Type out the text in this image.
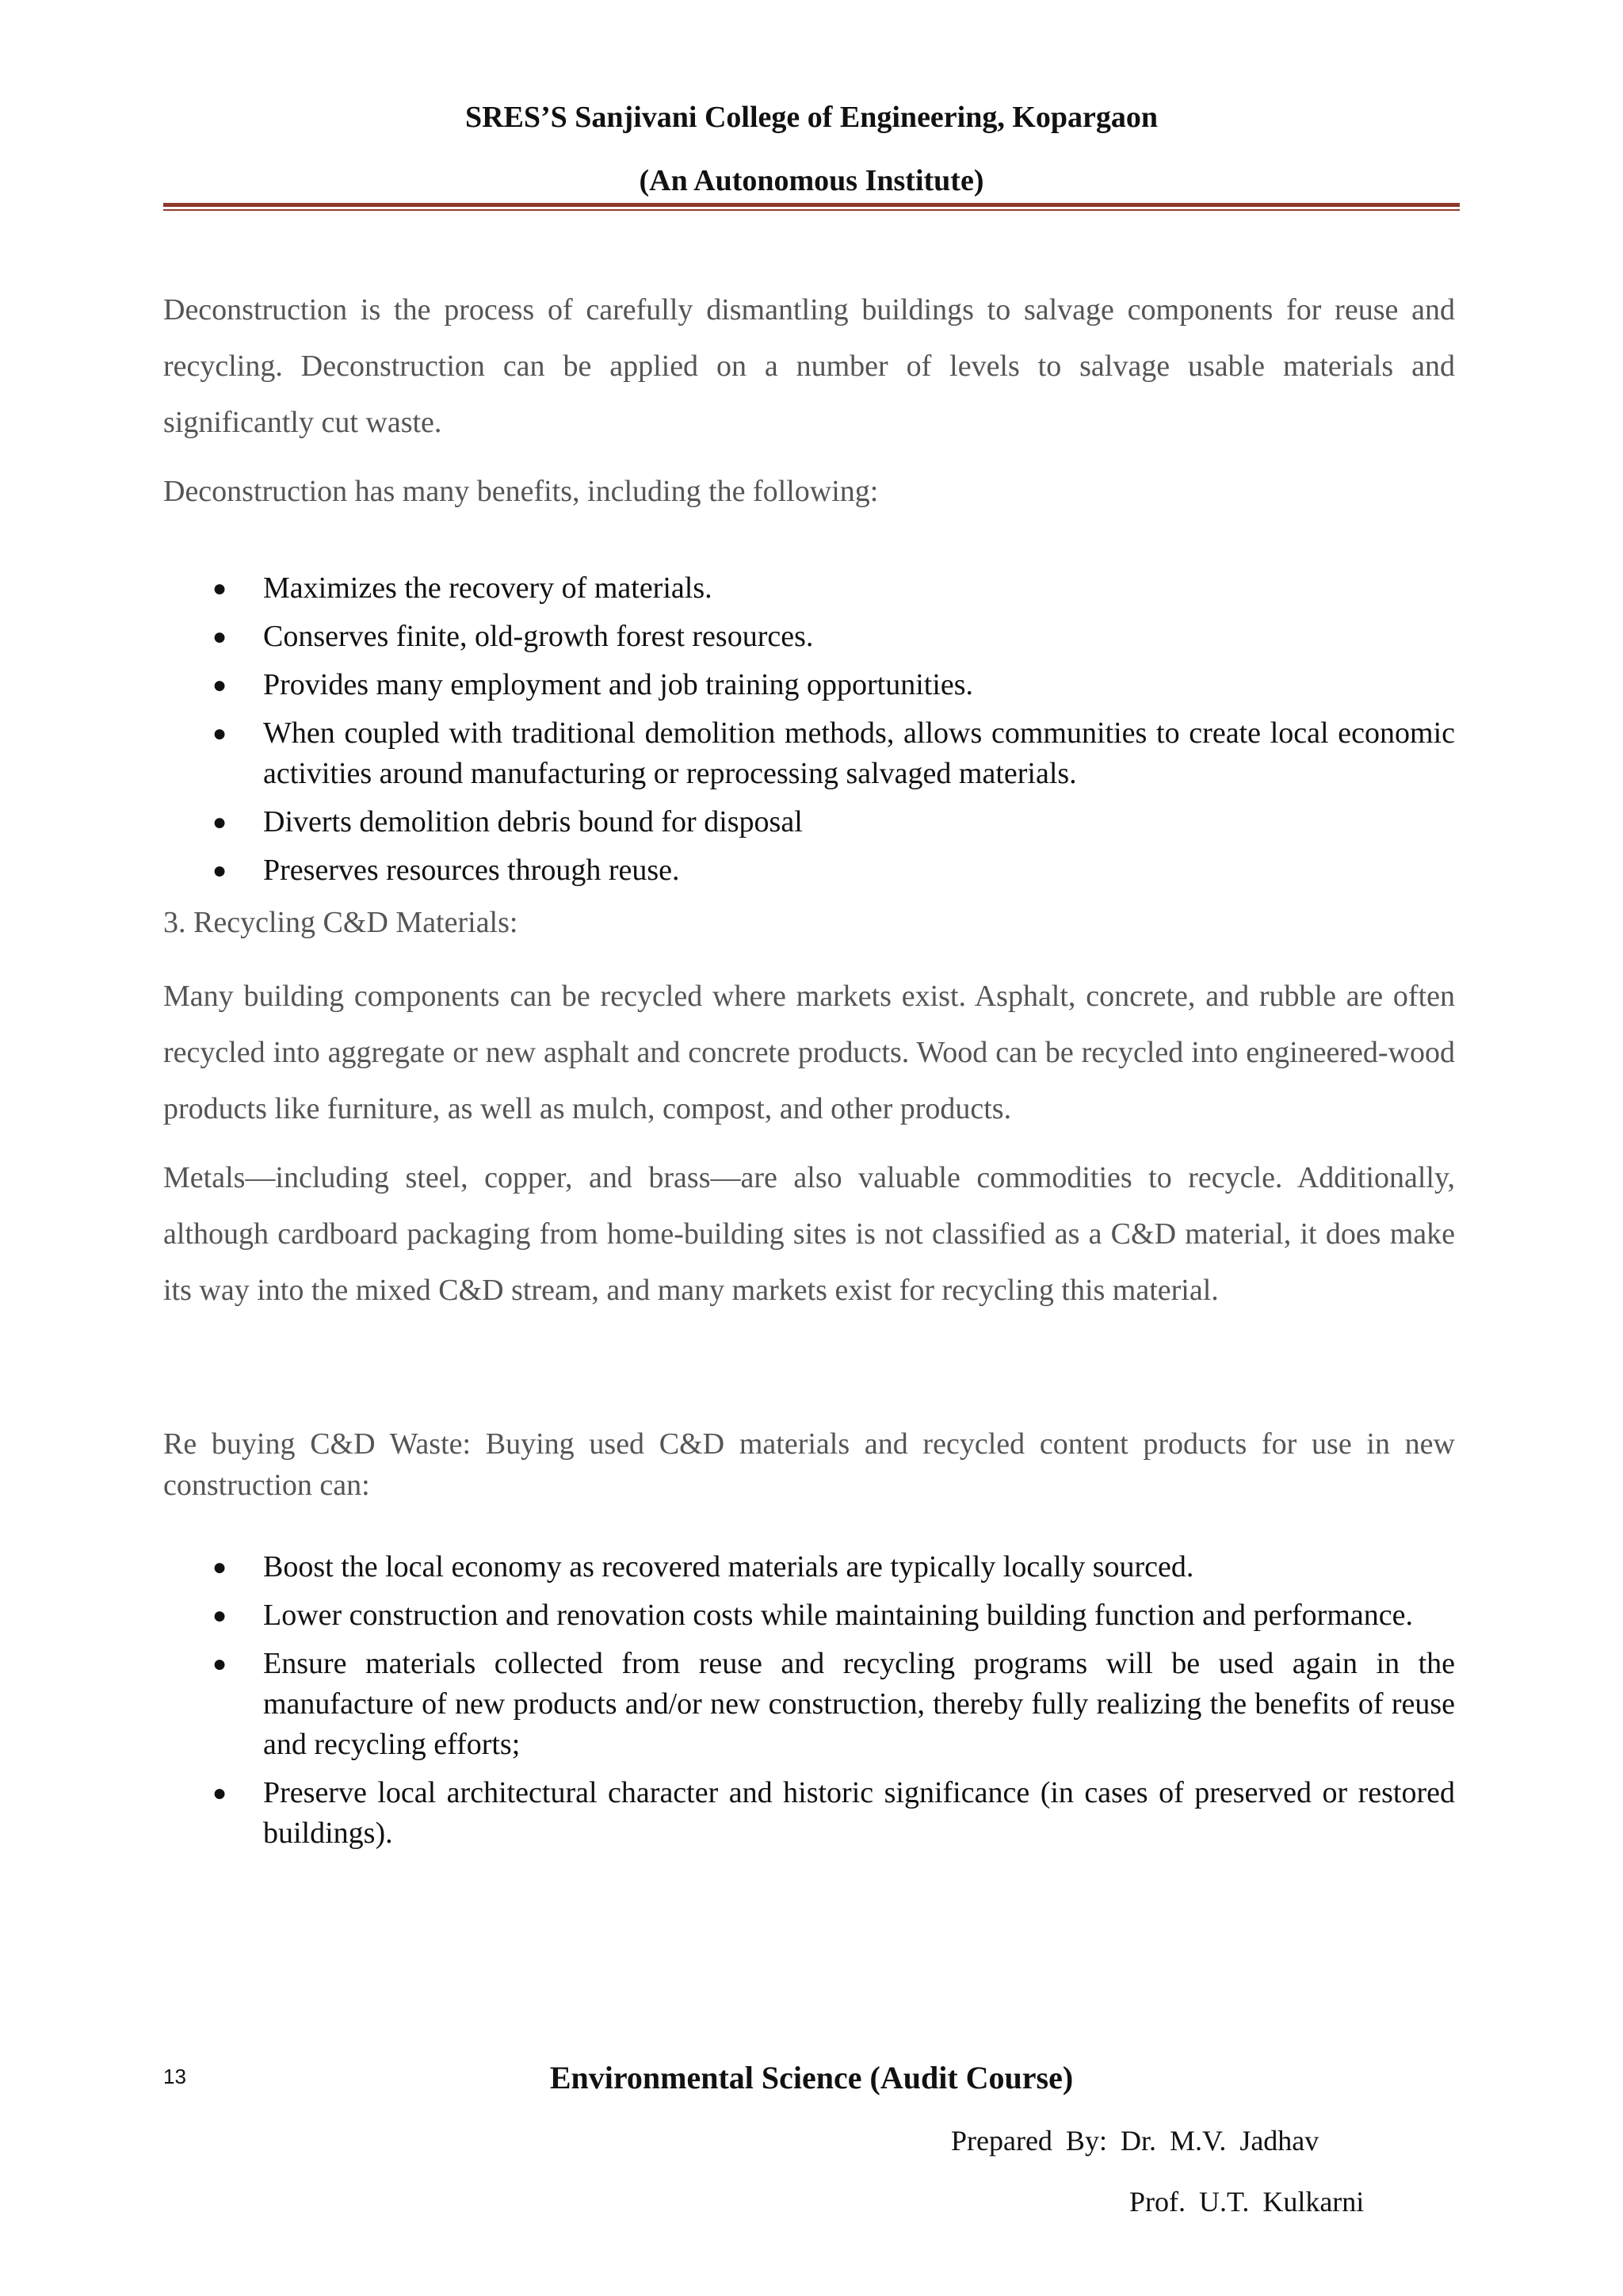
SRES’S Sanjivani College of Engineering, Kopargaon
(An Autonomous Institute)

Deconstruction is the process of carefully dismantling buildings to salvage components for reuse and recycling. Deconstruction can be applied on a number of levels to salvage usable materials and significantly cut waste.

Deconstruction has many benefits, including the following:

● Maximizes the recovery of materials.
● Conserves finite, old-growth forest resources.
● Provides many employment and job training opportunities.
● When coupled with traditional demolition methods, allows communities to create local economic activities around manufacturing or reprocessing salvaged materials.
● Diverts demolition debris bound for disposal
● Preserves resources through reuse.

3. Recycling C&D Materials:

Many building components can be recycled where markets exist. Asphalt, concrete, and rubble are often recycled into aggregate or new asphalt and concrete products. Wood can be recycled into engineered-wood products like furniture, as well as mulch, compost, and other products.

Metals—including steel, copper, and brass—are also valuable commodities to recycle. Additionally, although cardboard packaging from home-building sites is not classified as a C&D material, it does make its way into the mixed C&D stream, and many markets exist for recycling this material.

Re buying C&D Waste: Buying used C&D materials and recycled content products for use in new construction can:

● Boost the local economy as recovered materials are typically locally sourced.
● Lower construction and renovation costs while maintaining building function and performance.
● Ensure materials collected from reuse and recycling programs will be used again in the manufacture of new products and/or new construction, thereby fully realizing the benefits of reuse and recycling efforts;
● Preserve local architectural character and historic significance (in cases of preserved or restored buildings).
13	Environmental Science (Audit Course)
Prepared By: Dr. M.V. Jadhav
Prof. U.T. Kulkarni
